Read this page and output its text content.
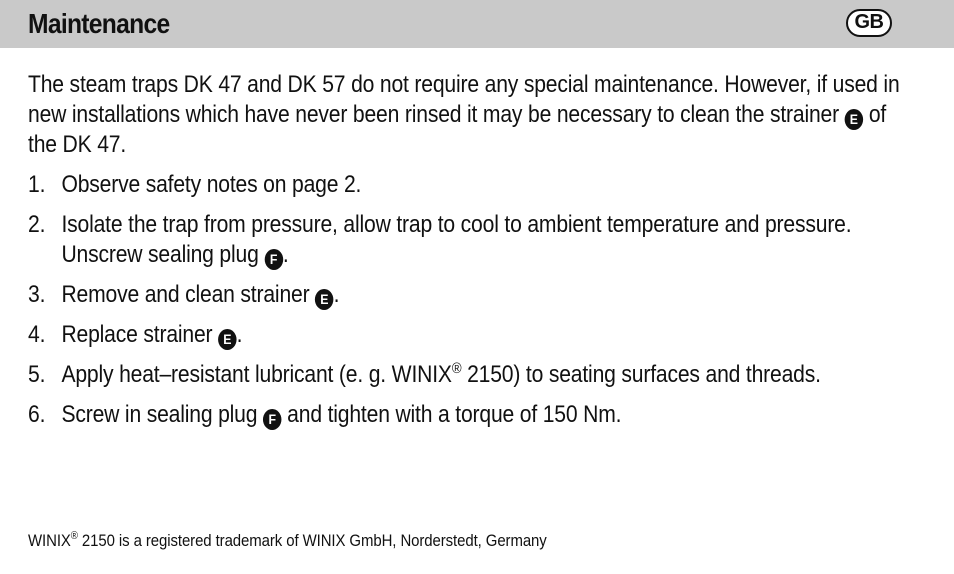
Maintenance	GB

The steam traps DK 47 and DK 57 do not require any special maintenance. However, if used in new installations which have never been rinsed it may be necessary to clean the strainer E of the DK 47.

1. Observe safety notes on page 2.
2. Isolate the trap from pressure, allow trap to cool to ambient temperature and pressure. Unscrew sealing plug F .
3. Remove and clean strainer E .
4. Replace strainer E .
5. Apply heat–resistant lubricant (e. g. WINIX® 2150) to seating surfaces and threads.
6. Screw in sealing plug F and tighten with a torque of 150 Nm.
WINIX® 2150 is a registered trademark of WINIX GmbH, Norderstedt, Germany
